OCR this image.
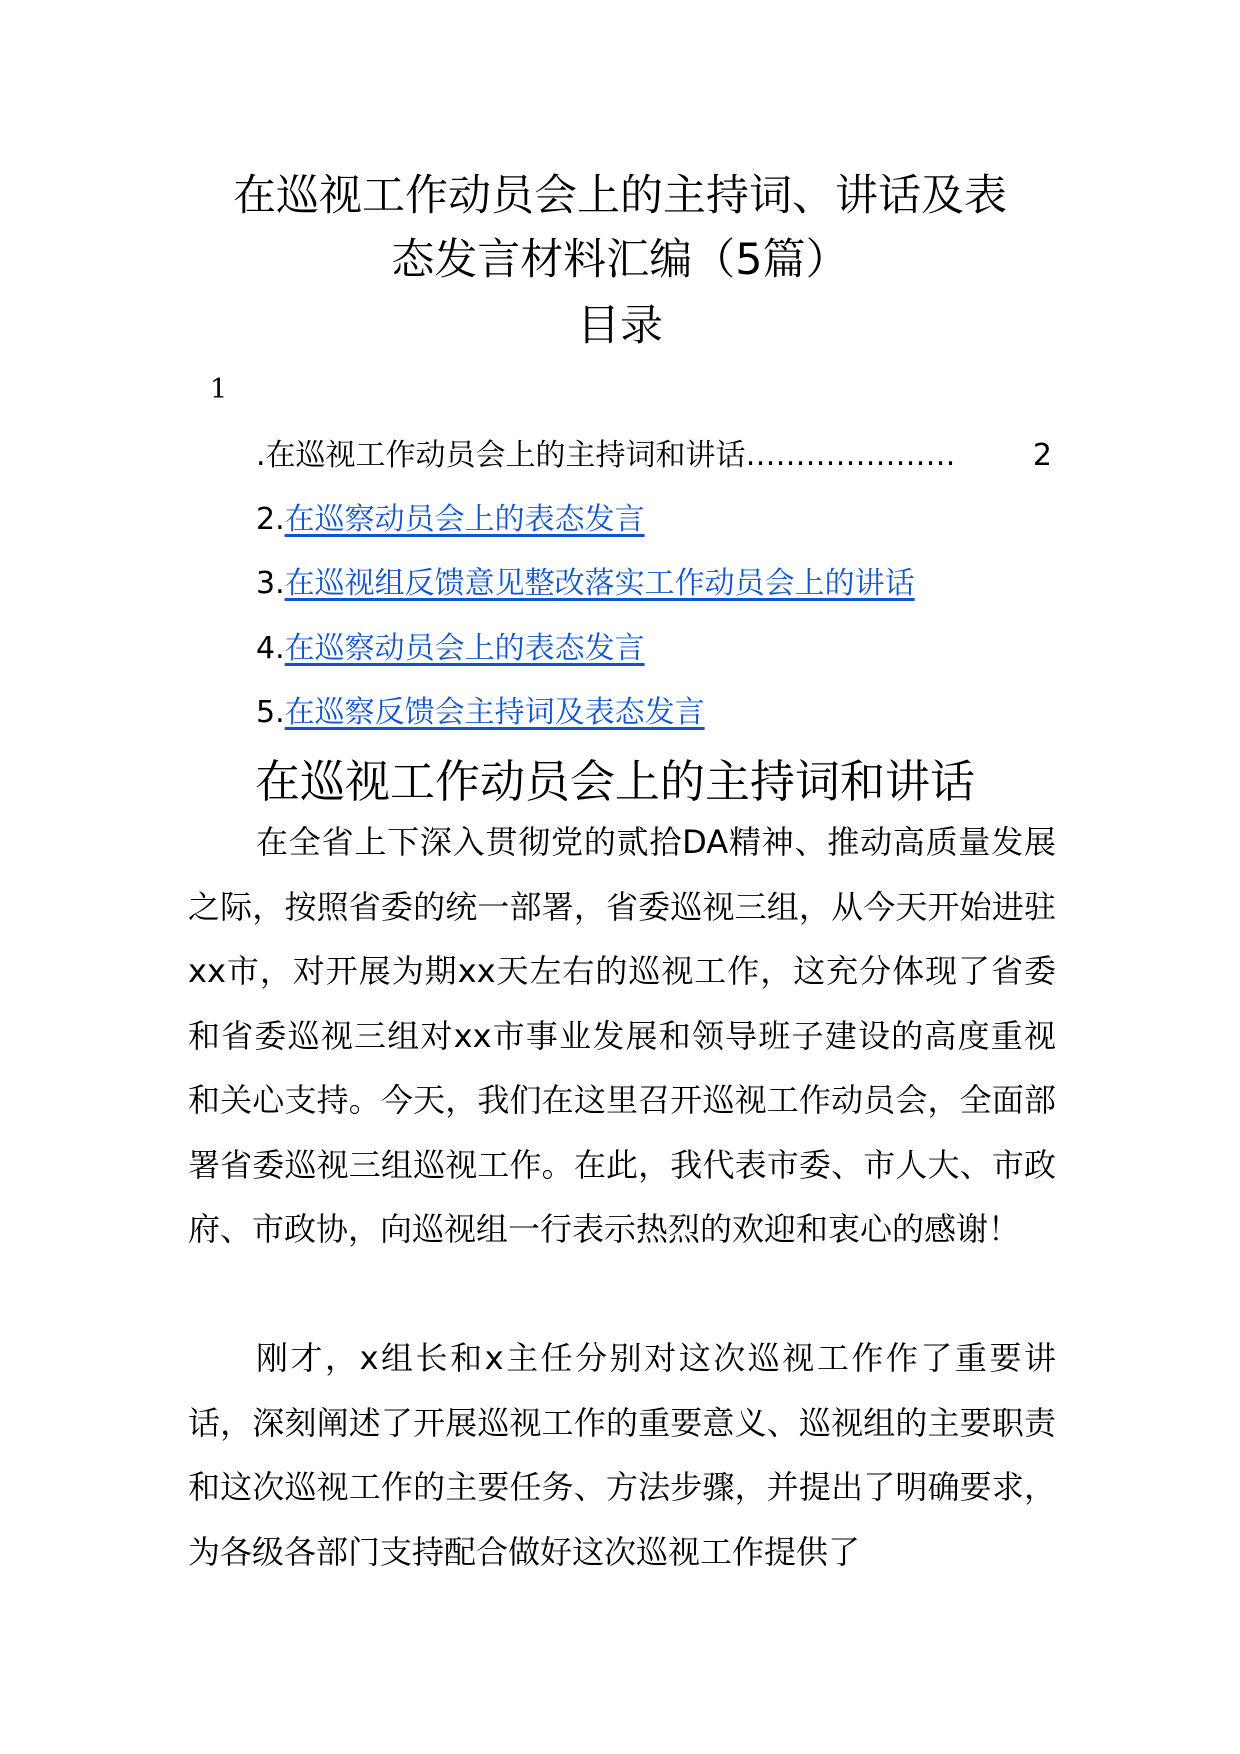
在巡视工作动员会上的主持词、讲话及表
态发言材料汇编（5篇）
目录
1
.在巡视工作动员会上的主持词和讲话 …………………	2
2.在巡察动员会上的表态发言
3.在巡视组反馈意见整改落实工作动员会上的讲话
4.在巡察动员会上的表态发言
5.在巡察反馈会主持词及表态发言
在巡视工作动员会上的主持词和讲话

在全省上下深入贯彻党的贰拾DA精神、推动高质量发展之际，按照省委的统一部署，省委巡视三组，从今天开始进驻xx市，对开展为期xx天左右的巡视工作，这充分体现了省委和省委巡视三组对xx市事业发展和领导班子建设的高度重视和关心支持。今天，我们在这里召开巡视工作动员会，全面部署省委巡视三组巡视工作。在此，我代表市委、市人大、市政府、市政协，向巡视组一行表示热烈的欢迎和衷心的感谢！

刚才，x组长和x主任分别对这次巡视工作作了重要讲话，深刻阐述了开展巡视工作的重要意义、巡视组的主要职责和这次巡视工作的主要任务、方法步骤，并提出了明确要求，为各级各部门支持配合做好这次巡视工作提供了
